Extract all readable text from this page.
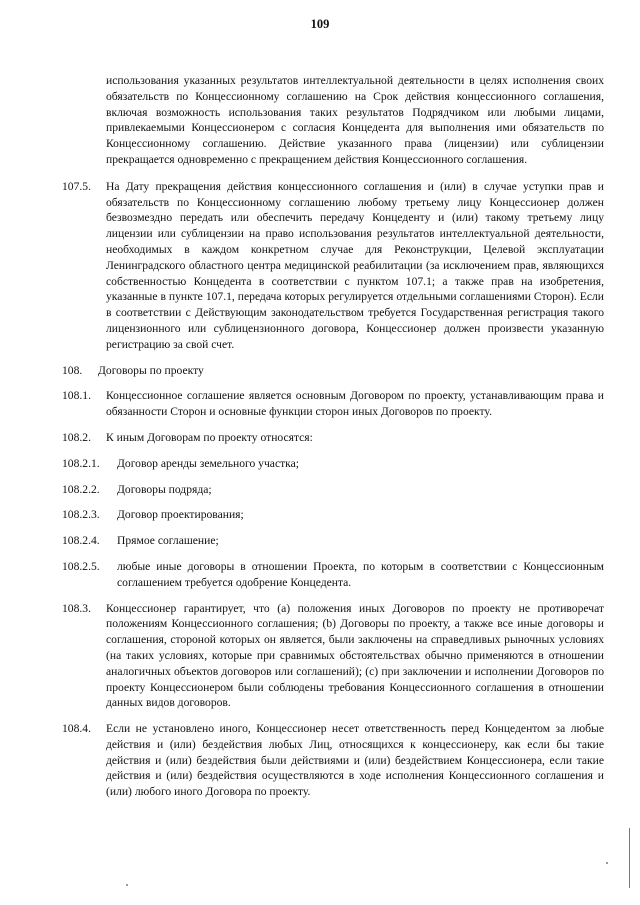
109

использования указанных результатов интеллектуальной деятельности в целях исполнения своих обязательств по Концессионному соглашению на Срок действия концессионного соглашения, включая возможность использования таких результатов Подрядчиком или любыми лицами, привлекаемыми Концессионером с согласия Концедента для выполнения ими обязательств по Концессионному соглашению. Действие указанного права (лицензии) или сублицензии прекращается одновременно с прекращением действия Концессионного соглашения.

107.5.	На Дату прекращения действия концессионного соглашения и (или) в случае уступки прав и обязательств по Концессионному соглашению любому третьему лицу Концессионер должен безвозмездно передать или обеспечить передачу Концеденту и (или) такому третьему лицу лицензии или сублицензии на право использования результатов интеллектуальной деятельности, необходимых в каждом конкретном случае для Реконструкции, Целевой эксплуатации Ленинградского областного центра медицинской реабилитации (за исключением прав, являющихся собственностью Концедента в соответствии с пунктом 107.1; а также прав на изобретения, указанные в пункте 107.1, передача которых регулируется отдельными соглашениями Сторон). Если в соответствии с Действующим законодательством требуется Государственная регистрация такого лицензионного или сублицензионного договора, Концессионер должен произвести указанную регистрацию за свой счет.
108.	Договоры по проекту
108.1.	Концессионное соглашение является основным Договором по проекту, устанавливающим права и обязанности Сторон и основные функции сторон иных Договоров по проекту.
108.2.	К иным Договорам по проекту относятся:
108.2.1.	Договор аренды земельного участка;
108.2.2.	Договоры подряда;
108.2.3.	Договор проектирования;
108.2.4.	Прямое соглашение;
108.2.5.	любые иные договоры в отношении Проекта, по которым в соответствии с Концессионным соглашением требуется одобрение Концедента.
108.3.	Концессионер гарантирует, что (а) положения иных Договоров по проекту не противоречат положениям Концессионного соглашения; (b) Договоры по проекту, а также все иные договоры и соглашения, стороной которых он является, были заключены на справедливых рыночных условиях (на таких условиях, которые при сравнимых обстоятельствах обычно применяются в отношении аналогичных объектов договоров или соглашений); (c) при заключении и исполнении Договоров по проекту Концессионером были соблюдены требования Концессионного соглашения в отношении данных видов договоров.
108.4.	Если не установлено иного, Концессионер несет ответственность перед Концедентом за любые действия и (или) бездействия любых Лиц, относящихся к концессионеру, как если бы такие действия и (или) бездействия были действиями и (или) бездействием Концессионера, если такие действия и (или) бездействия осуществляются в ходе исполнения Концессионного соглашения и (или) любого иного Договора по проекту.
